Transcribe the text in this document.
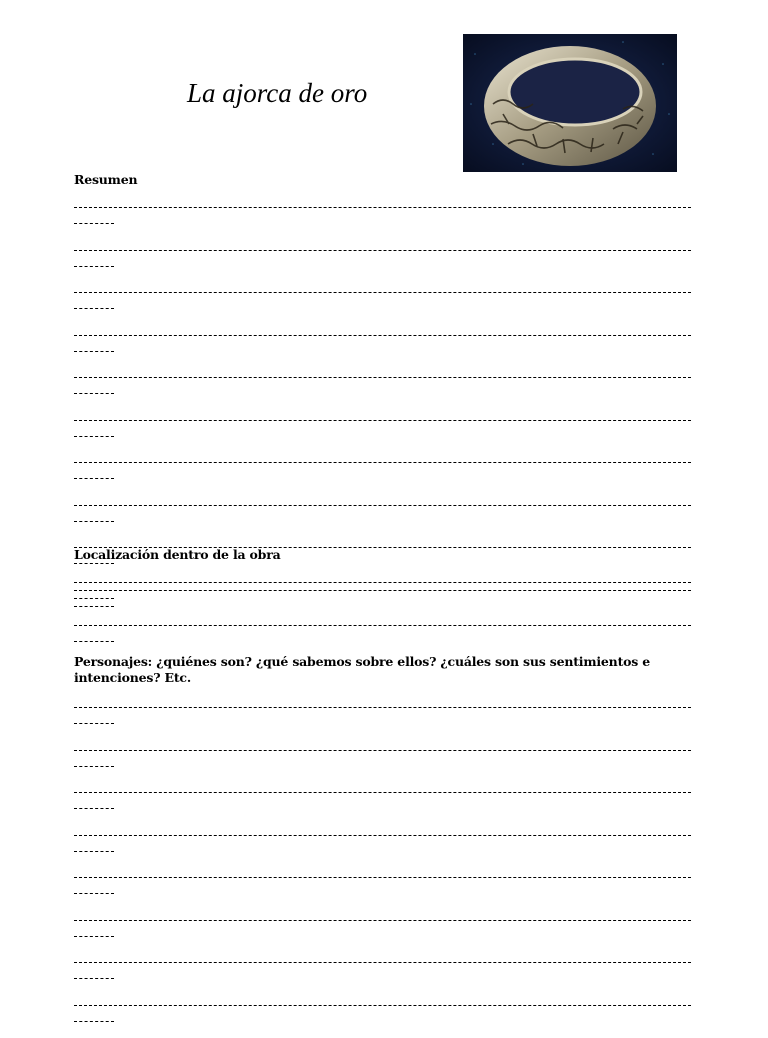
La ajorca de oro
Resumen
Localización dentro de la obra
Personajes: ¿quiénes son? ¿qué sabemos sobre ellos? ¿cuáles son sus sentimientos e
intenciones? Etc.
